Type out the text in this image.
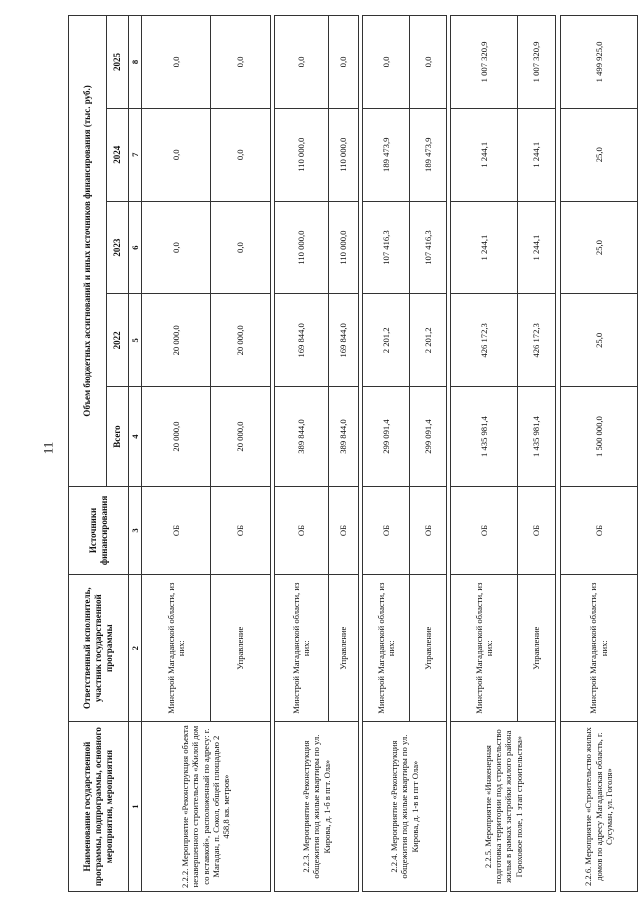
11
Наименование государственной программы, подпрограммы, основного мероприятия, мероприятия	Ответственный исполнитель, участник государственной программы	Источники финансирования	Объем бюджетных ассигнований и иных источников финансирования (тыс. руб.)				
			Всего	2022	2023	2024	2025
1	2	3	4	5	6	7	8
2.2.2. Мероприятие «Реконструкция объекта незавершенного строительства «Жилой дом со вставкой», расположенный по адресу: г. Магадан, п. Сокол, общей площадью 2 458,8 кв. метров»	Минстрой Магаданской области, из них:	ОБ	20 000,0	20 000,0	0,0	0,0	0,0
	Управление	ОБ	20 000,0	20 000,0	0,0	0,0	0,0

2.2.3. Мероприятие «Реконструкция общежития под жилые квартиры по ул. Кирова, д. 1-б в пгт. Ола»	Минстрой Магаданской области, из них:	ОБ	389 844,0	169 844,0	110 000,0	110 000,0	0,0
	Управление	ОБ	389 844,0	169 844,0	110 000,0	110 000,0	0,0

2.2.4. Мероприятие «Реконструкция общежития под жилые квартиры по ул. Кирова, д. 1-в в пгт Ола»	Минстрой Магаданской области, из них:	ОБ	299 091,4	2 201,2	107 416,3	189 473,9	0,0
	Управление	ОБ	299 091,4	2 201,2	107 416,3	189 473,9	0,0

2.2.5. Мероприятие «Инженерная подготовка территории под строительство жилья в рамках застройки жилого района Гороховое поле, 1 этап строительства»	Минстрой Магаданской области, из них:	ОБ	1 435 981,4	426 172,3	1 244,1	1 244,1	1 007 320,9
	Управление	ОБ	1 435 981,4	426 172,3	1 244,1	1 244,1	1 007 320,9

2.2.6. Мероприятие «Строительство жилых домов по адресу Магаданская область, г. Сусуман, ул. Гоголя»	Минстрой Магаданской области, из них:	ОБ	1 500 000,0	25,0	25,0	25,0	1 499 925,0
